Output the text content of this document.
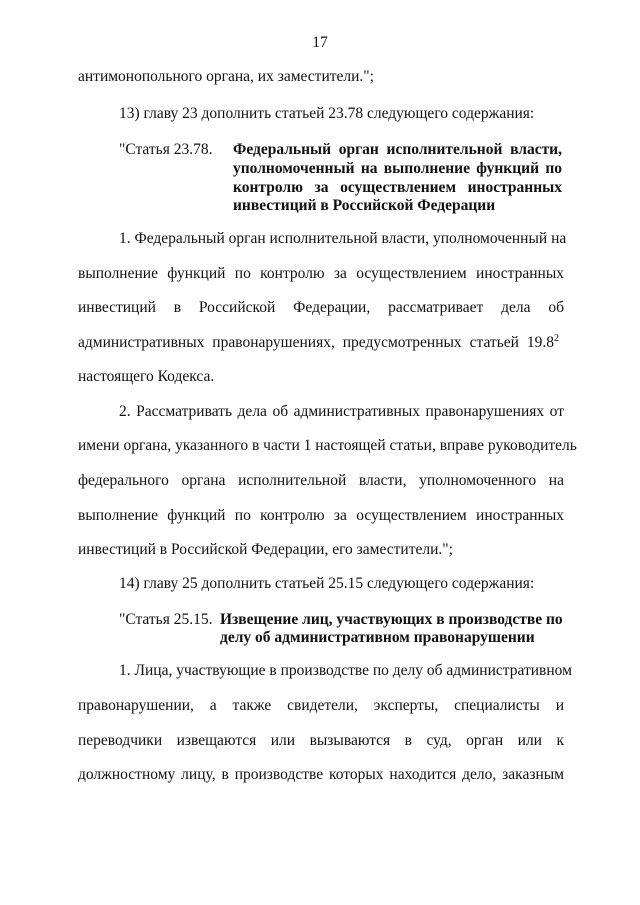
17
антимонопольного органа, их заместители.";
13) главу 23 дополнить статьей 23.78 следующего содержания:
"Статья 23.78. Федеральный орган исполнительной власти,
уполномоченный на выполнение функций по
контролю за осуществлением иностранных
инвестиций в Российской Федерации
1. Федеральный орган исполнительной власти, уполномоченный на
выполнение функций по контролю за осуществлением иностранных
инвестиций в Российской Федерации, рассматривает дела об
административных правонарушениях, предусмотренных статьей 19.8$^2$
настоящего Кодекса.
2. Рассматривать дела об административных правонарушениях от
имени органа, указанного в части 1 настоящей статьи, вправе руководитель
федерального органа исполнительной власти, уполномоченного на
выполнение функций по контролю за осуществлением иностранных
инвестиций в Российской Федерации, его заместители.";
14) главу 25 дополнить статьей 25.15 следующего содержания:
"Статья 25.15. Извещение лиц, участвующих в производстве по
делу об административном правонарушении
1. Лица, участвующие в производстве по делу об административном
правонарушении, а также свидетели, эксперты, специалисты и
переводчики извещаются или вызываются в суд, орган или к
должностному лицу, в производстве которых находится дело, заказным
